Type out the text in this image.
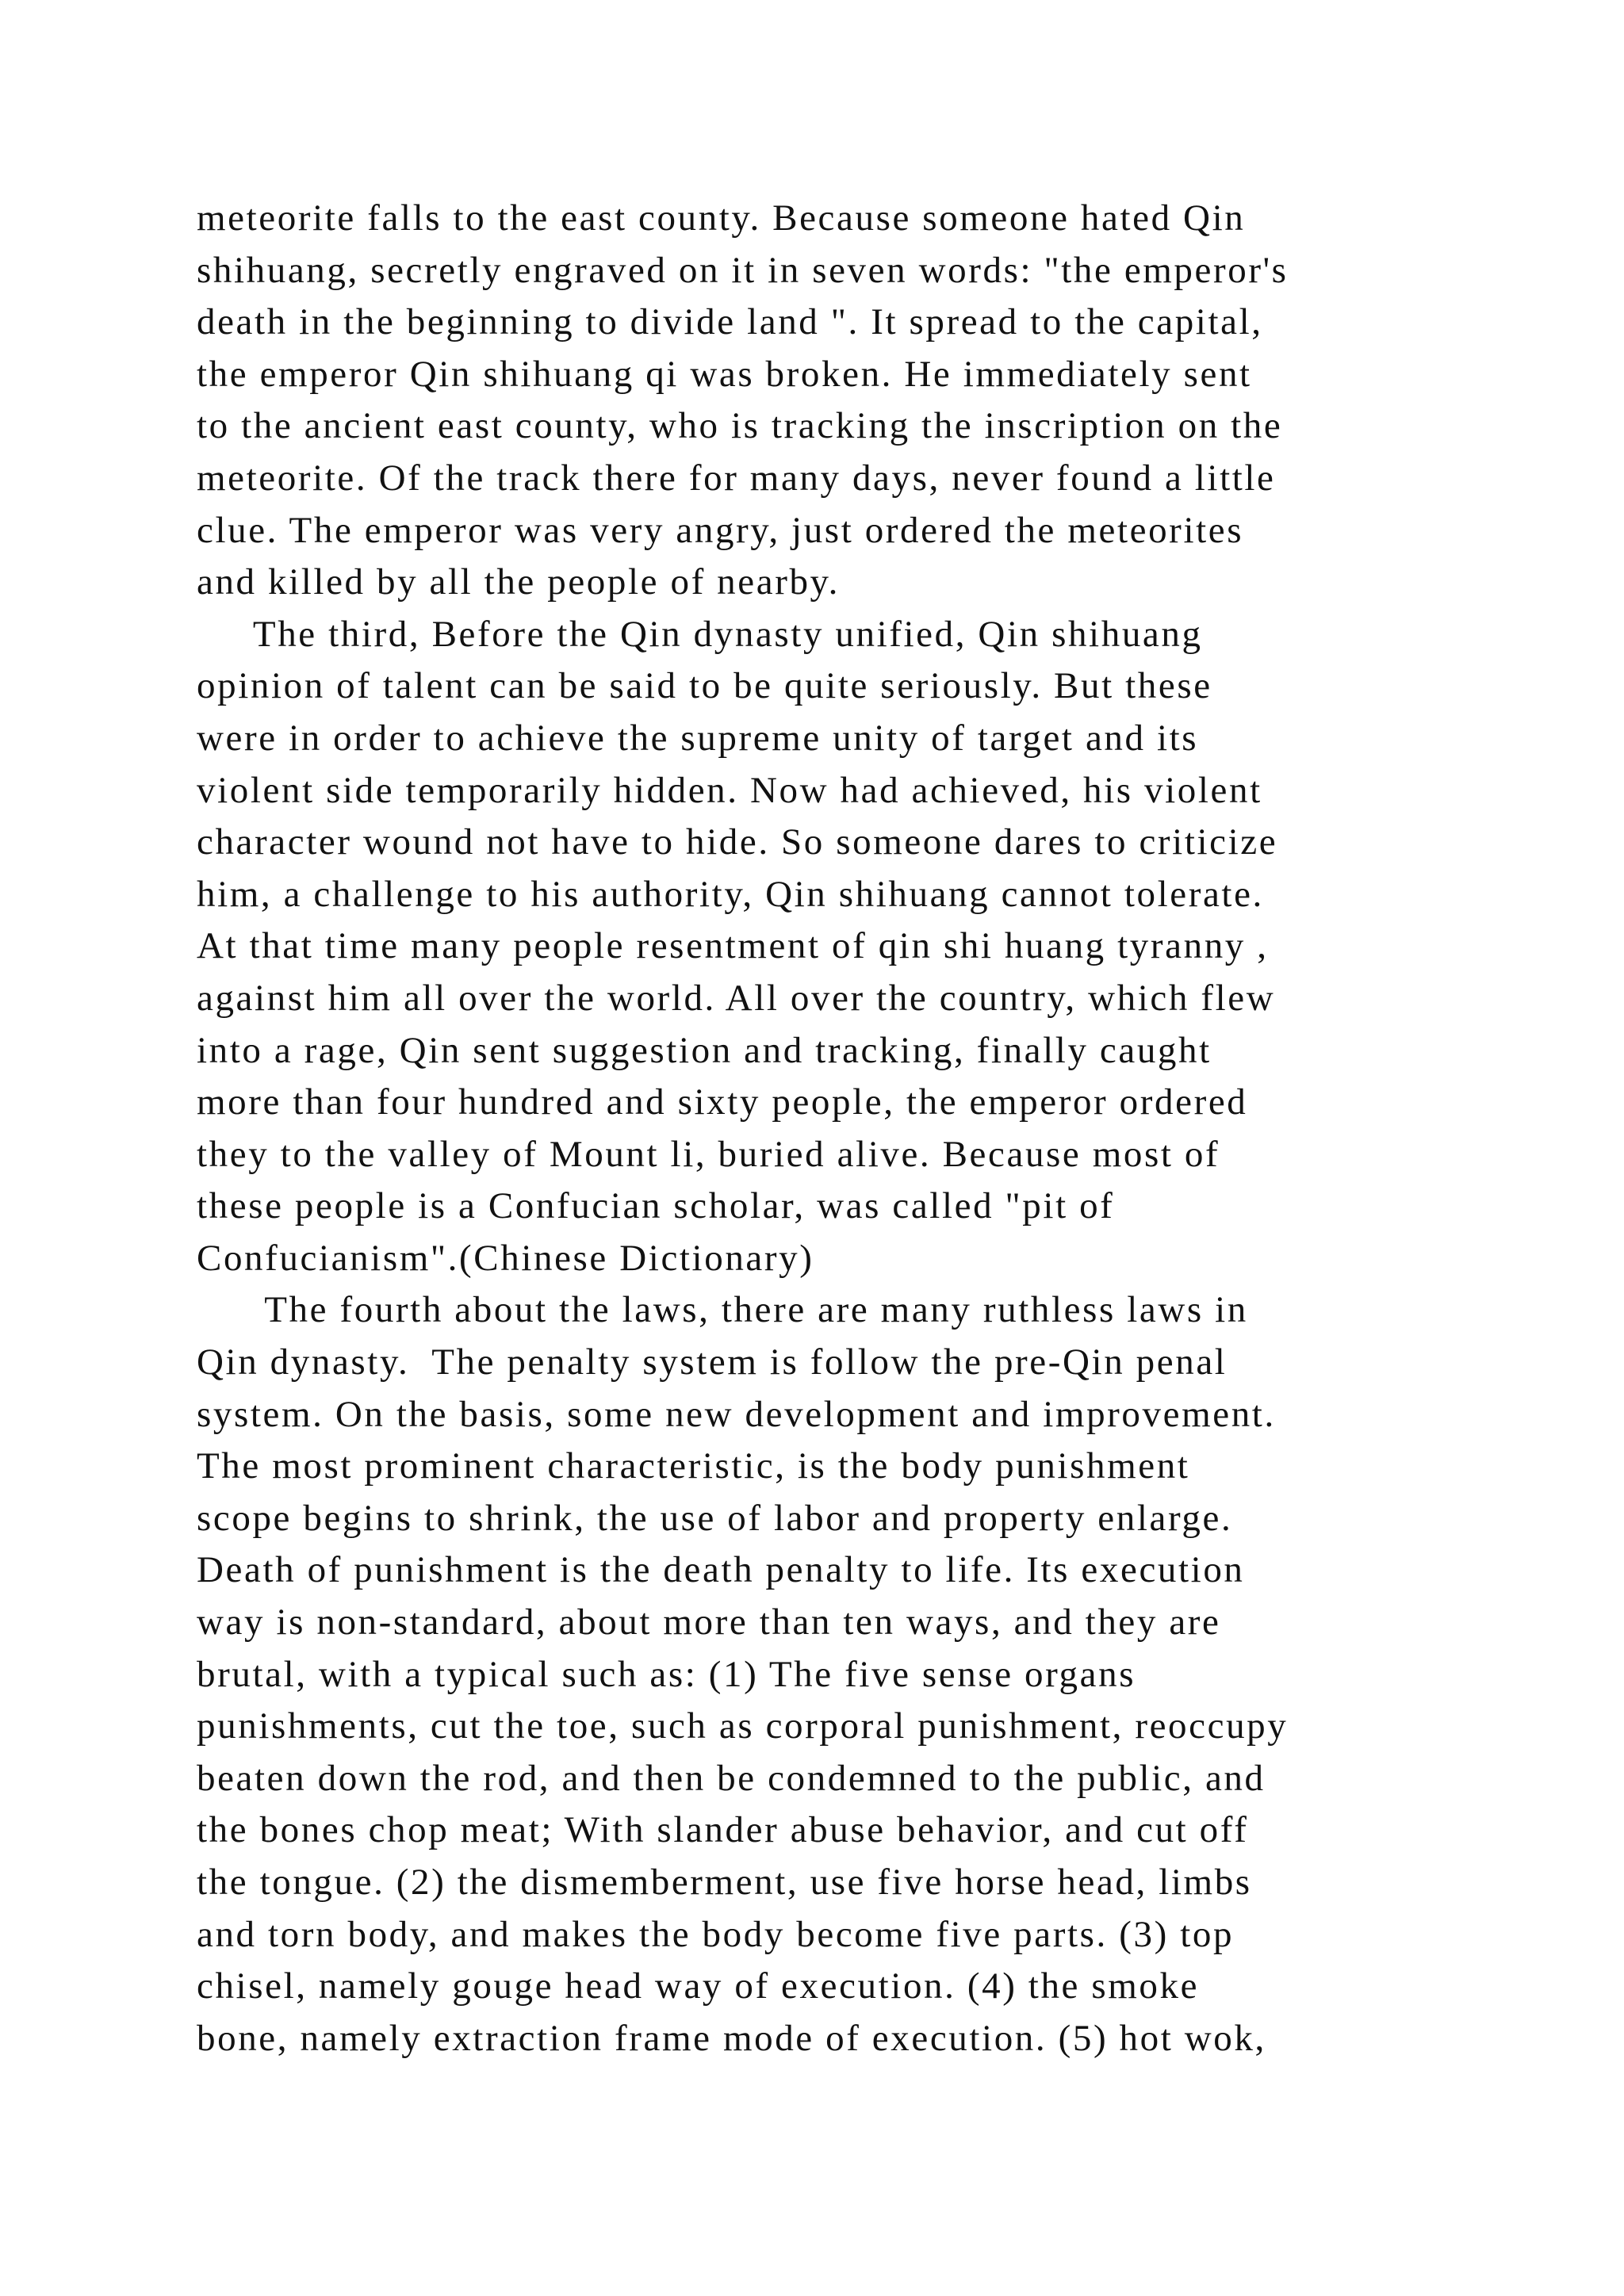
meteorite falls to the east county. Because someone hated Qin
shihuang, secretly engraved on it in seven words: "the emperor's
death in the beginning to divide land ". It spread to the capital,
the emperor Qin shihuang qi was broken. He immediately sent
to the ancient east county, who is tracking the inscription on the
meteorite. Of the track there for many days, never found a little
clue. The emperor was very angry, just ordered the meteorites
and killed by all the people of nearby.
The third, Before the Qin dynasty unified, Qin shihuang
opinion of talent can be said to be quite seriously. But these
were in order to achieve the supreme unity of target and its
violent side temporarily hidden. Now had achieved, his violent
character wound not have to hide. So someone dares to criticize
him, a challenge to his authority, Qin shihuang cannot tolerate.
At that time many people resentment of qin shi huang tyranny ,
against him all over the world. All over the country, which flew
into a rage, Qin sent suggestion and tracking, finally caught
more than four hundred and sixty people, the emperor ordered
they to the valley of Mount li, buried alive. Because most of
these people is a Confucian scholar, was called "pit of
Confucianism".(Chinese Dictionary)
The fourth about the laws, there are many ruthless laws in
Qin dynasty.  The penalty system is follow the pre-Qin penal
system. On the basis, some new development and improvement.
The most prominent characteristic, is the body punishment
scope begins to shrink, the use of labor and property enlarge.
Death of punishment is the death penalty to life. Its execution
way is non-standard, about more than ten ways, and they are
brutal, with a typical such as: (1) The five sense organs
punishments, cut the toe, such as corporal punishment, reoccupy
beaten down the rod, and then be condemned to the public, and
the bones chop meat; With slander abuse behavior, and cut off
the tongue. (2) the dismemberment, use five horse head, limbs
and torn body, and makes the body become five parts. (3) top
chisel, namely gouge head way of execution. (4) the smoke
bone, namely extraction frame mode of execution. (5) hot wok,
